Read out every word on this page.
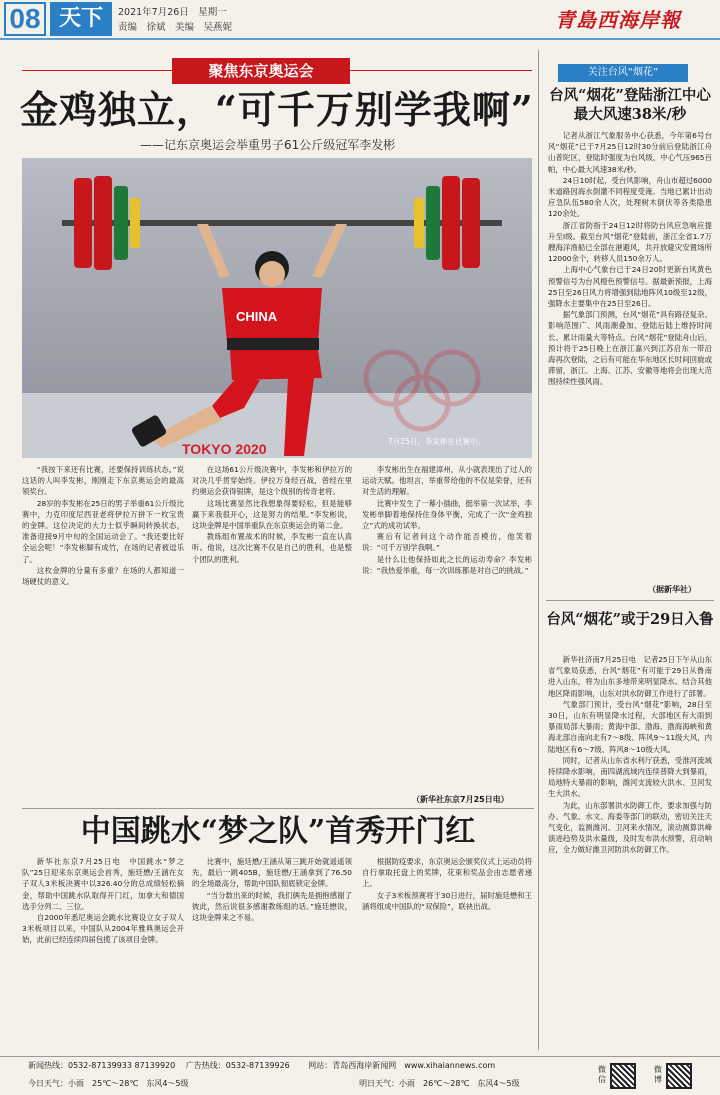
08 天下	2021年7月26日　星期一
责编　徐斌　美编　吴燕妮	青島西海岸報
聚焦东京奥运会
金鸡独立，“可千万别学我啊”
——记东京奥运会举重男子61公斤级冠军李发彬
CHINA
TOKYO 2020	7月25日，李发彬在比赛中。

“我按下来还有比赛，还要保持训练状态。”说这话的人叫李发彬，刚刚走下东京奥运会的最高领奖台。

28岁的李发彬在25日的男子举重61公斤级比赛中，力克印度尼西亚老将伊拉万拼下一枚宝贵的金牌。这位决定的大力士似乎瞬间转换状态，准备迎接9月中旬的全国运动会了。“我还要比好全运会呢！”李发彬脚有成竹，在场的记者被逗乐了。

这枚金牌的分量有多重？在场的人都知道一场硬仗的意义。

在这场61公斤级决赛中，李发彬和伊拉万的对决几乎贯穿始终。伊拉万身经百战，曾经在里约奥运会获得银牌，是这个级别的传奇老将。

这场比赛显然比我想象得要轻松，但是能够赢下来我很开心，这是努力的结果。”李发彬说，这块金牌是中国举重队在东京奥运会的第二金。

教练组布置战术的时候，李发彬一直在认真听。他说，这次比赛不仅是自己的胜利，也是整个团队的胜利。

李发彬出生在福建漳州，从小就表现出了过人的运动天赋。他坦言，举重带给他的不仅是荣誉，还有对生活的理解。

比赛中发生了一幕小插曲，挺举第一次试举，李发彬单脚着地保持住身体平衡，完成了一次“金鸡独立”式的成功试举。

赛后有记者问这个动作能否模仿，他笑着说：“可千万别学我啊。”

是什么让他保持如此之长的运动寿命？李发彬说：“我热爱举重，每一次训练都是对自己的挑战。”

（新华社东京7月25日电）
中国跳水“梦之队”首秀开门红

新华社东京7月25日电　中国跳水“梦之队”25日迎来东京奥运会首秀，施廷懋/王涵在女子双人3米板决赛中以326.40分的总成绩轻松摘金，帮助中国跳水队取得开门红，加拿大和德国选手分列二、三位。

自2000年悉尼奥运会跳水比赛设立女子双人3米板项目以来，中国队从2004年雅典奥运会开始，此前已经连续四届包揽了该项目金牌。

比赛中，施廷懋/王涵从第三跳开始就遥遥领先，最后一跳405B，施廷懋/王涵拿到了76.50的全场最高分，帮助中国队彻底锁定金牌。

“当分数出来的时候，我们俩先是拥抱感谢了彼此，然后说很多感谢教练组的话。”施廷懋说，这块金牌来之不易。

根据防疫要求，东京奥运会颁奖仪式上运动员将自行拿取托盘上的奖牌，花束和奖品会由志愿者递上。

女子3米板预赛将于30日进行，届时施廷懋和王涵将组成中国队的“双保险”，联袂出战。

关注台风“烟花”
台风“烟花”登陆浙江中心最大风速38米/秒

记者从浙江气象服务中心获悉，今年第6号台风“烟花”已于7月25日12时30分前后登陆浙江舟山普陀区，登陆时强度为台风级，中心气压965百帕，中心最大风速38米/秒。

24日10时起，受台风影响，舟山市超过6000米道路因海水倒灌不同程度受淹。当地已累计出动应急队伍580余人次，处理树木倒伏等各类隐患120余处。

浙江省防指于24日12时将防台风应急响应提升至I级。截至台风“烟花”登陆前，浙江全省1.7万艘海洋渔船已全部在港避风，共开放避灾安置场所12000余个，转移人员150余万人。

上海中心气象台已于24日20时更新台风黄色预警信号为台风橙色预警信号。据最新预报，上海25日至26日风力将增强到陆地阵风10级至12级，强降水主要集中在25日至26日。

据气象部门预测，台风“烟花”具有路径复杂、影响范围广、风雨潮叠加、登陆后陆上维持时间长、累计雨量大等特点。台风“烟花”登陆舟山后，预计将于25日晚上在浙江嘉兴到江苏启东一带沿海再次登陆，之后有可能在华东地区长时间回旋或滞留，浙江、上海、江苏、安徽等地将会出现大范围持续性强风雨。

（据新华社）
台风“烟花”或于29日入鲁

新华社济南7月25日电　记者25日下午从山东省气象局获悉，台风“烟花”有可能于29日从鲁南进入山东，将为山东多地带来明显降水。结合其他地区降雨影响，山东对洪水防御工作进行了部署。

气象部门预计，受台风“烟花”影响，28日至30日，山东有明显降水过程，大部地区有大雨到暴雨局部大暴雨；黄海中部、渤海、渤海海峡和黄海北部自南向北有7～8级、阵风9～11级大风，内陆地区有6～7级、阵风8～10级大风。

同时，记者从山东省水利厅获悉，受淮河流域持续降水影响，南四湖流域内连续普降大到暴雨，局地特大暴雨的影响，潍河支流较大洪水、卫河发生大洪水。

为此，山东部署洪水防御工作，要求加强与防办、气象、水文、海委等部门的联动，密切关注天气变化，监测潍河、卫河来水情况，滚动测算洪峰演进趋势及洪水量级，及时发布洪水预警，启动响应，全力做好潍卫河防洪水防御工作。

新闻热线：0532-87139933 87139920　 广告热线：0532-87139926　　 网站：青岛西海岸新闻网　www.xihaiannews.com
今日天气：小雨　25℃～28℃　东风4～5级	明日天气：小雨　26℃～28℃　东风4～5级
微信
微博
